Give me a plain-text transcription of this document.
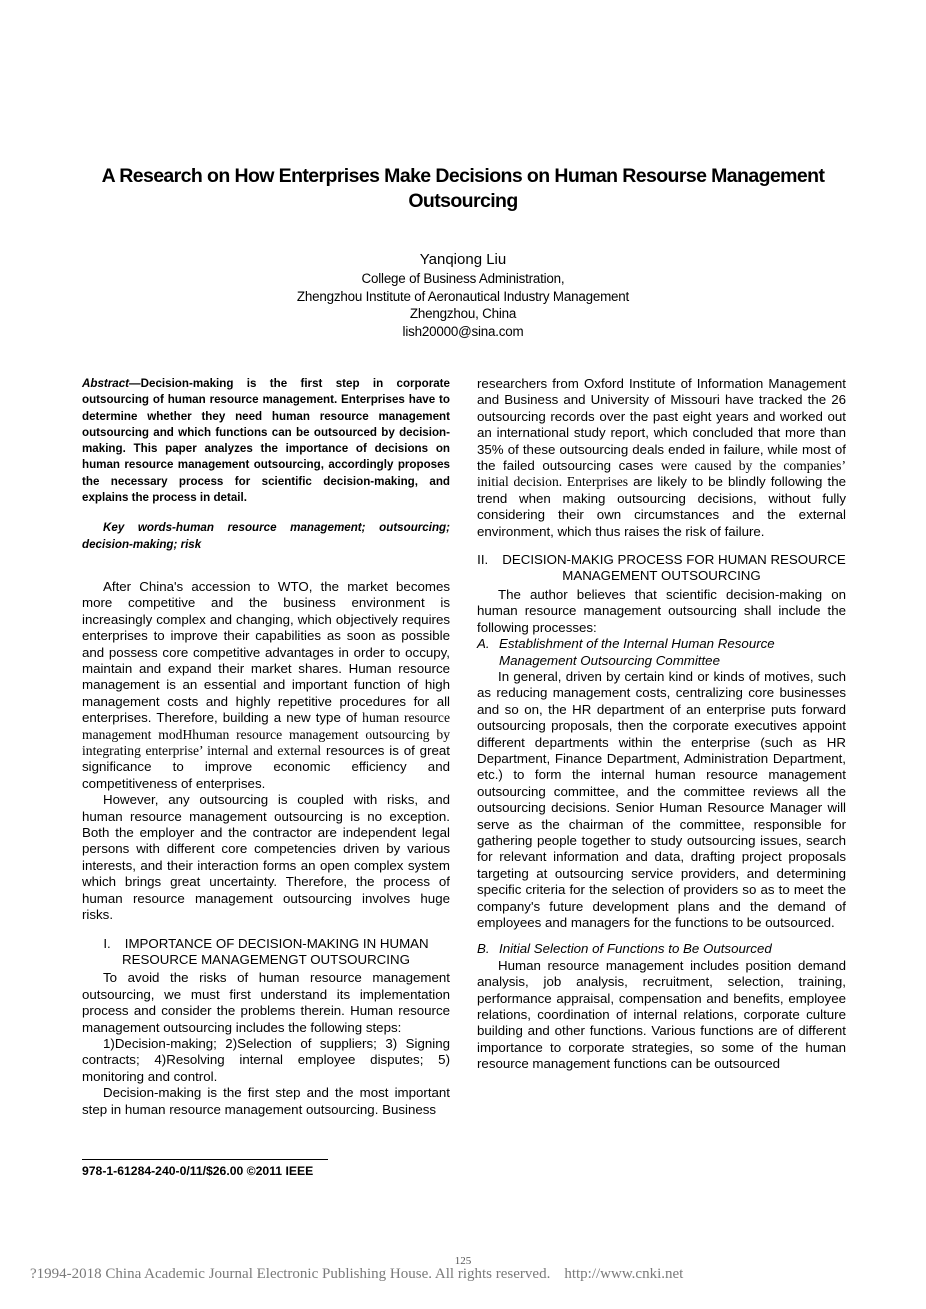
A Research on How Enterprises Make Decisions on Human Resourse Management Outsourcing
Yanqiong Liu
College of Business Administration,
Zhengzhou Institute of Aeronautical Industry Management
Zhengzhou, China
lish20000@sina.com

Abstract—Decision-making is the first step in corporate outsourcing of human resource management. Enterprises have to determine whether they need human resource management outsourcing and which functions can be outsourced by decision-making. This paper analyzes the importance of decisions on human resource management outsourcing, accordingly proposes the necessary process for scientific decision-making, and explains the process in detail.

Key words-human resource management; outsourcing; decision-making; risk

After China's accession to WTO, the market becomes more competitive and the business environment is increasingly complex and changing, which objectively requires enterprises to improve their capabilities as soon as possible and possess core competitive advantages in order to occupy, maintain and expand their market shares. Human resource management is an essential and important function of high management costs and highly repetitive procedures for all enterprises. Therefore, building a new type of human resource management modHhuman resource management outsourcing by integrating enterprise’ internal and external resources is of great significance to improve economic efficiency and competitiveness of enterprises.

However, any outsourcing is coupled with risks, and human resource management outsourcing is no exception. Both the employer and the contractor are independent legal persons with different core competencies driven by various interests, and their interaction forms an open complex system which brings great uncertainty. Therefore, the process of human resource management outsourcing involves huge risks.

I. IMPORTANCE OF DECISION-MAKING IN HUMAN RESOURCE MANAGEMENGT OUTSOURCING

To avoid the risks of human resource management outsourcing, we must first understand its implementation process and consider the problems therein. Human resource management outsourcing includes the following steps:

1)Decision-making; 2)Selection of suppliers; 3) Signing contracts; 4)Resolving internal employee disputes; 5) monitoring and control.

Decision-making is the first step and the most important step in human resource management outsourcing. Business

researchers from Oxford Institute of Information Management and Business and University of Missouri have tracked the 26 outsourcing records over the past eight years and worked out an international study report, which concluded that more than 35% of these outsourcing deals ended in failure, while most of the failed outsourcing cases were caused by the companies’ initial decision. Enterprises are likely to be blindly following the trend when making outsourcing decisions, without fully considering their own circumstances and the external environment, which thus raises the risk of failure.

II. DECISION-MAKIG PROCESS FOR HUMAN RESOURCE MANAGEMENT OUTSOURCING

The author believes that scientific decision-making on human resource management outsourcing shall include the following processes:

A. Establishment of the Internal Human Resource Management Outsourcing Committee

In general, driven by certain kind or kinds of motives, such as reducing management costs, centralizing core businesses and so on, the HR department of an enterprise puts forward outsourcing proposals, then the corporate executives appoint different departments within the enterprise (such as HR Department, Finance Department, Administration Department, etc.) to form the internal human resource management outsourcing committee, and the committee reviews all the outsourcing decisions. Senior Human Resource Manager will serve as the chairman of the committee, responsible for gathering people together to study outsourcing issues, search for relevant information and data, drafting project proposals targeting at outsourcing service providers, and determining specific criteria for the selection of providers so as to meet the company's future development plans and the demand of employees and managers for the functions to be outsourced.

B. Initial Selection of Functions to Be Outsourced

Human resource management includes position demand analysis, job analysis, recruitment, selection, training, performance appraisal, compensation and benefits, employee relations, coordination of internal relations, corporate culture building and other functions. Various functions are of different importance to corporate strategies, so some of the human resource management functions can be outsourced

978-1-61284-240-0/11/$26.00 ©2011 IEEE
125
?1994-2018 China Academic Journal Electronic Publishing House. All rights reserved. http://www.cnki.net
